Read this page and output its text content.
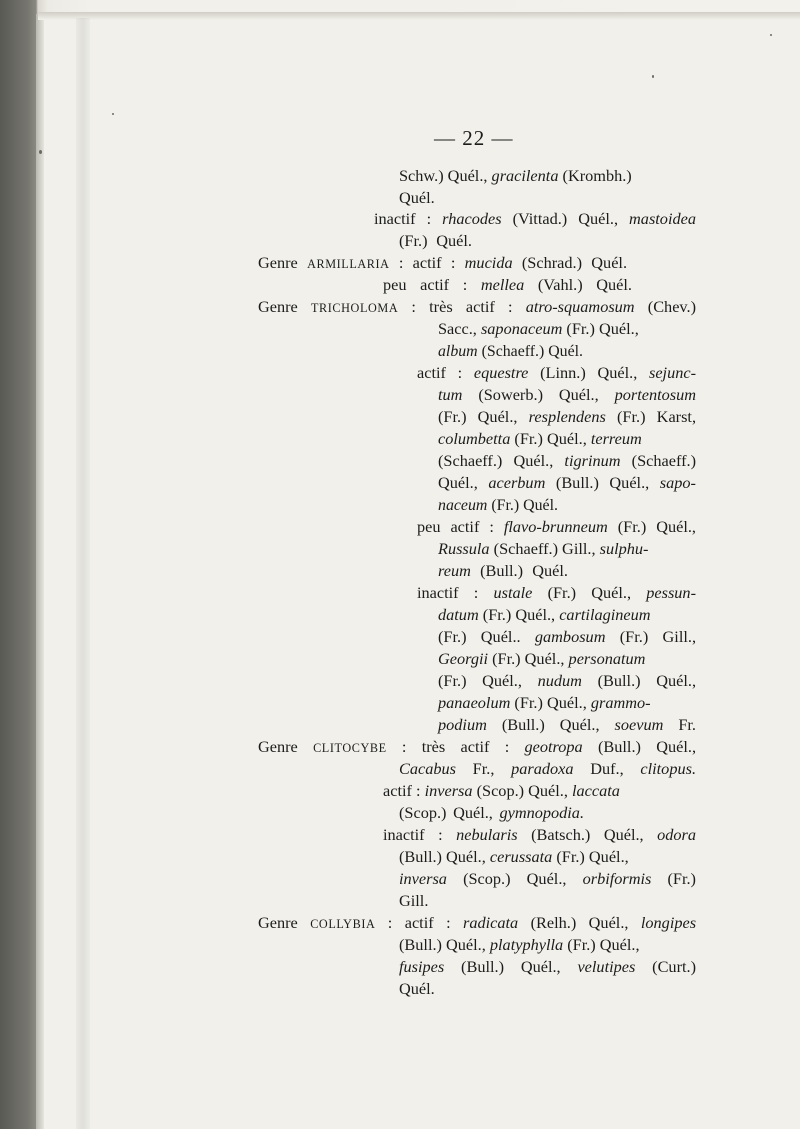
— 22 —
Schw.) Quél., gracilenta (Krombh.)
Quél.
inactif : rhacodes (Vittad.) Quél., mastoidea
(Fr.) Quél.
Genre ARMILLARIA : actif : mucida (Schrad.) Quél.
peu actif : mellea (Vahl.) Quél.
Genre TRICHOLOMA : très actif : atro-squamosum (Chev.)
Sacc., saponaceum (Fr.) Quél.,
album (Schaeff.) Quél.
actif : equestre (Linn.) Quél., sejunc-
tum (Sowerb.) Quél., portentosum
(Fr.) Quél., resplendens (Fr.) Karst,
columbetta (Fr.) Quél., terreum
(Schaeff.) Quél., tigrinum (Schaeff.)
Quél., acerbum (Bull.) Quél., sapo-
naceum (Fr.) Quél.
peu actif : flavo-brunneum (Fr.) Quél.,
Russula (Schaeff.) Gill., sulphu-
reum (Bull.) Quél.
inactif : ustale (Fr.) Quél., pessun-
datum (Fr.) Quél., cartilagineum
(Fr.) Quél.. gambosum (Fr.) Gill.,
Georgii (Fr.) Quél., personatum
(Fr.) Quél., nudum (Bull.) Quél.,
panaeolum (Fr.) Quél., grammo-
podium (Bull.) Quél., soevum Fr.
Genre CLITOCYBE : très actif : geotropa (Bull.) Quél.,
Cacabus Fr., paradoxa Duf., clitopus.
actif : inversa (Scop.) Quél., laccata
(Scop.) Quél., gymnopodia.
inactif : nebularis (Batsch.) Quél., odora
(Bull.) Quél., cerussata (Fr.) Quél.,
inversa (Scop.) Quél., orbiformis (Fr.)
Gill.
Genre COLLYBIA : actif : radicata (Relh.) Quél., longipes
(Bull.) Quél., platyphylla (Fr.) Quél.,
fusipes (Bull.) Quél., velutipes (Curt.)
Quél.
